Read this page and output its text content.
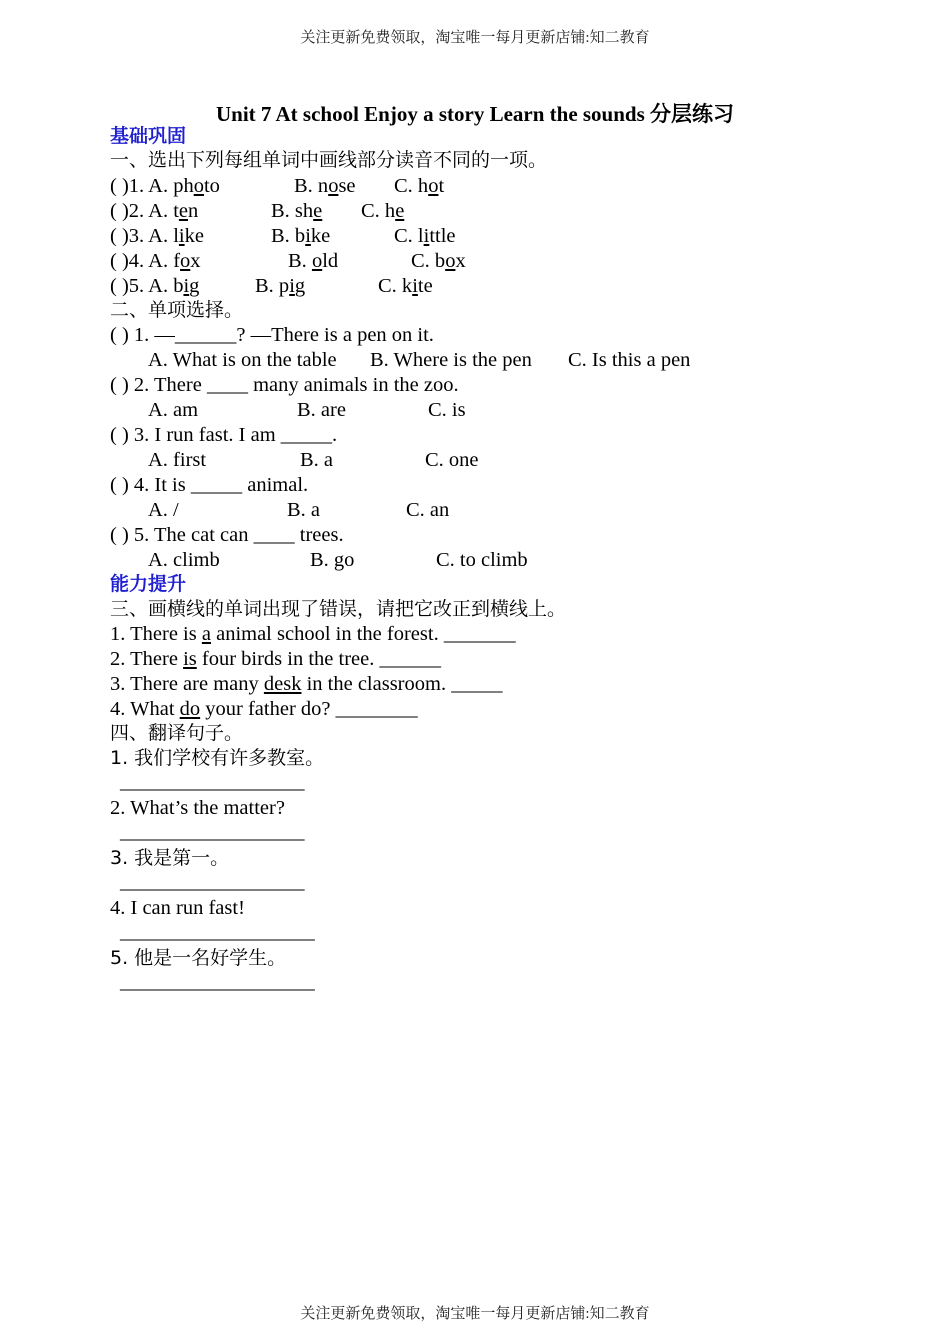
关注更新免费领取，淘宝唯一每月更新店铺:知二教育
Unit 7 At school Enjoy a story Learn the sounds 分层练习
基础巩固
一、选出下列每组单词中画线部分读音不同的一项。
( )1. A. photo	B. nose C. hot
( )2. A. ten	B. she C. he
( )3. A. like	B. bike	C. little
( )4. A. fox	B. old	C. box
( )5. A. big	B. pig	C. kite
二、单项选择。
( ) 1. —______? —There is a pen on it.
A. What is on the table B. Where is the pen C. Is this a pen
( ) 2. There ____ many animals in the zoo.
A. am	B. are	C. is
( ) 3. I run fast. I am _____.
A. first	B. a	C. one
( ) 4. It is _____ animal.
A. /	B. a	C. an
( ) 5. The cat can ____ trees.
A. climb	B. go	C. to climb
能力提升
三、画横线的单词出现了错误，请把它改正到横线上。
1. There is a animal school in the forest. _______
2. There is four birds in the tree. ______
3. There are many desk in the classroom. _____
4. What do your father do? ________
四、翻译句子。
1. 我们学校有许多教室。
__________________
2. What’s the matter?
__________________
3. 我是第一。
__________________
4. I can run fast!
___________________
5. 他是一名好学生。
___________________
关注更新免费领取，淘宝唯一每月更新店铺:知二教育
